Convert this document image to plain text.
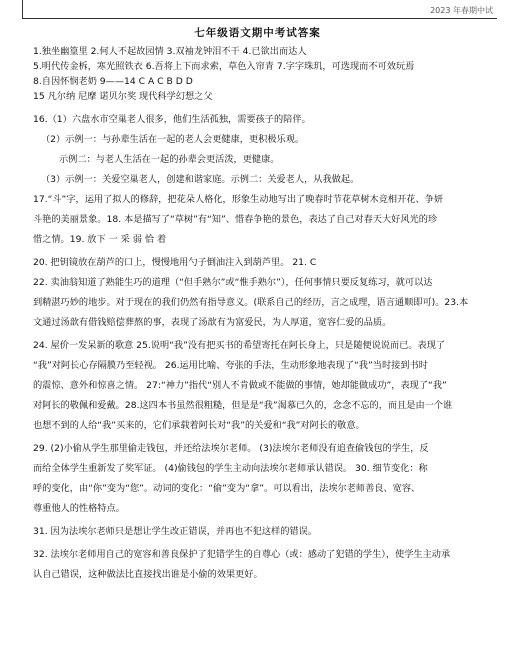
2023 年春期中试
七年级语文期中考试答案
1.独坐幽篁里 2.何人不起故园情 3.双袖龙钟泪不干 4.已欲出而达人
5.明代传金柝，寒光照铁衣 6.吾将上下而求索，草色入帘青 7.字字珠玑，可选现而不可效玩焉
8.自因怀悯老奶 9——14 C A C B D D
15 凡尔纳 尼摩 诺贝尔奖 现代科学幻想之父
16.（1）六盘水市空巢老人很多，他们生活孤独，需要孩子的陪伴。
（2）示例一：与孙辈生活在一起的老人会更健康，更积极乐观。
示例二：与老人生活在一起的孙辈会更活泼，更健康。
（3）示例一：关爱空巢老人，创建和谐家庭。示例二：关爱老人，从我做起。
17.“斗”字，运用了拟人的修辞，把花朵人格化，形象生动地写出了晚春时节花草树木竞相开花、争妍
斗艳的美丽景象。18. 本是描写了“草树”有“知”、惜春争艳的景色，表达了自己对春天大好风光的珍
惜之情。19. 放下 一 采 弱 恰 着
20. 把钥镜放在葫芦的口上，慢慢地用勺子倒油注入到葫芦里。 21. C
22. 卖油翁知道了熟能生巧的道理（“但手熟尔”或“惟手熟尔”），任何事情只要反复练习，就可以达
到精湛巧妙的地步。对于现在的我们仍然有指导意义。(联系自己的经历，言之成理，语言通顺即可)。23.本
文通过汤歆有借钱赔偿葬熬的事，表现了汤歆有为富爱民，为人厚道，宽容仁爱的品质。
24. 屋价一发呆新的歌意 25.说明“我”没有把买书的希望寄托在阿长身上，只是随便说说而已。表现了
“我”对阿长心存隔膜乃至轻视。 26.运用比喻、夸张的手法，生动形象地表现了“我”当时接到书时
的震惊、意外和惊喜之情。 27:“神力”指代“别人不肯做或不能做的事情，她却能做成功”，表现了“我”
对阿长的敬佩和爱戴。28.这四本书虽然很粗糙，但是是“我”渴慕已久的，念念不忘的，而且是由一个谁
也想不到的人给“我”买来的，它们承载着阿长对“我”的关爱和“我”对阿长的敬意。
29. (2)小偷从学生那里偷走钱包，并还给法埃尔老师。 (3)法埃尔老师没有追查偷钱包的学生，反
而给全体学生重新发了奖军证。 (4)偷钱包的学生主动向法埃尔老师承认错误。 30. 细节变化：称
呼的变化，由“你”变为“您”。动词的变化：“偷”变为“拿”。可以看出，法埃尔老师善良、宽容、
尊重他人的性格特点。
31. 因为法埃尔老师只是想让学生改正错误，并再也不犯这样的错误。
32. 法埃尔老师用自己的宽容和善良保护了犯错学生的自尊心（或：感动了犯错的学生），使学生主动承
认自己错误，这种做法比直接找出谁是小偷的效果更好。
